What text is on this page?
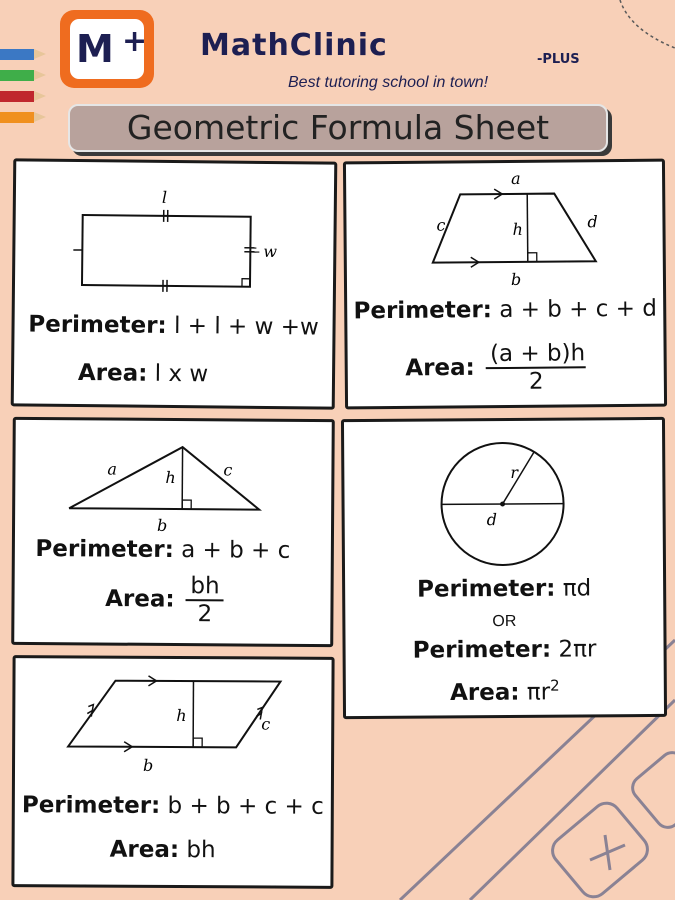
M + MathClinic	-PLUS
Best tutoring school in town!
Geometric Formula Sheet
l
w
Perimeter: l + l + w +w
Area: l x w
a
c	h	d
b
Perimeter: a + b + c + d
Area: $\frac{(a + b)h}{2}$
a	h	c
b
Perimeter: a + b + c
Area: $\frac{bh}{2}$
r
d
Perimeter: πd
OR
Perimeter: 2πr
Area: $\pi r^2$
h	c
b
Perimeter: b + b + c + c
Area: bh
